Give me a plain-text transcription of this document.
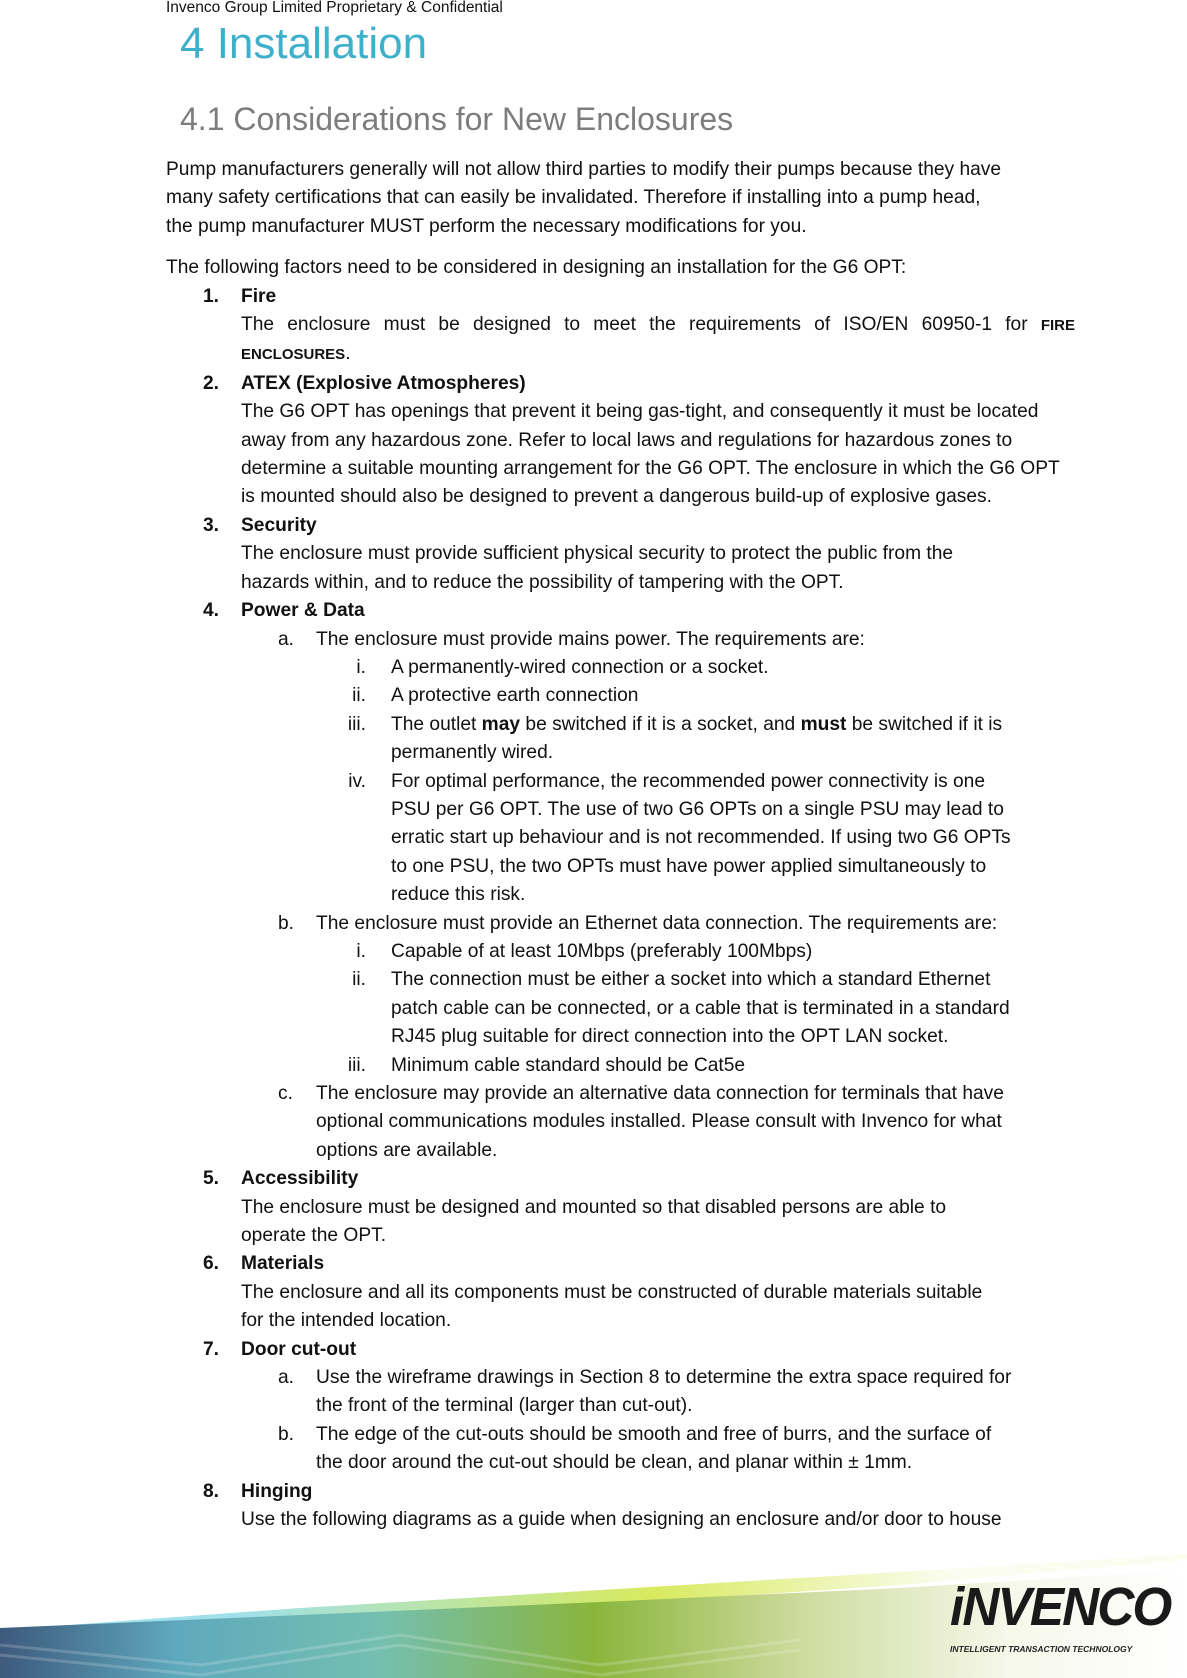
Invenco Group Limited Proprietary & Confidential
4 Installation
4.1 Considerations for New Enclosures
Pump manufacturers generally will not allow third parties to modify their pumps because they have
many safety certifications that can easily be invalidated. Therefore if installing into a pump head,
the pump manufacturer MUST perform the necessary modifications for you.
The following factors need to be considered in designing an installation for the G6 OPT:
1. Fire
The enclosure must be designed to meet the requirements of ISO/EN 60950-1 for FIRE ENCLOSURES.
2. ATEX (Explosive Atmospheres)
The G6 OPT has openings that prevent it being gas-tight, and consequently it must be located
away from any hazardous zone. Refer to local laws and regulations for hazardous zones to
determine a suitable mounting arrangement for the G6 OPT. The enclosure in which the G6 OPT
is mounted should also be designed to prevent a dangerous build-up of explosive gases.
3. Security
The enclosure must provide sufficient physical security to protect the public from the
hazards within, and to reduce the possibility of tampering with the OPT.
4. Power & Data
a. The enclosure must provide mains power. The requirements are:
i. A permanently-wired connection or a socket.
ii. A protective earth connection
iii. The outlet may be switched if it is a socket, and must be switched if it is
permanently wired.
iv. For optimal performance, the recommended power connectivity is one
PSU per G6 OPT. The use of two G6 OPTs on a single PSU may lead to
erratic start up behaviour and is not recommended. If using two G6 OPTs
to one PSU, the two OPTs must have power applied simultaneously to
reduce this risk.
b. The enclosure must provide an Ethernet data connection. The requirements are:
i. Capable of at least 10Mbps (preferably 100Mbps)
ii. The connection must be either a socket into which a standard Ethernet
patch cable can be connected, or a cable that is terminated in a standard
RJ45 plug suitable for direct connection into the OPT LAN socket.
iii. Minimum cable standard should be Cat5e
c. The enclosure may provide an alternative data connection for terminals that have
optional communications modules installed. Please consult with Invenco for what
options are available.
5. Accessibility
The enclosure must be designed and mounted so that disabled persons are able to
operate the OPT.
6. Materials
The enclosure and all its components must be constructed of durable materials suitable
for the intended location.
7. Door cut-out
a. Use the wireframe drawings in Section 8 to determine the extra space required for
the front of the terminal (larger than cut-out).
b. The edge of the cut-outs should be smooth and free of burrs, and the surface of
the door around the cut-out should be clean, and planar within ± 1mm.
8. Hinging
Use the following diagrams as a guide when designing an enclosure and/or door to house
iNVENCO
INTELLIGENT TRANSACTION TECHNOLOGY
